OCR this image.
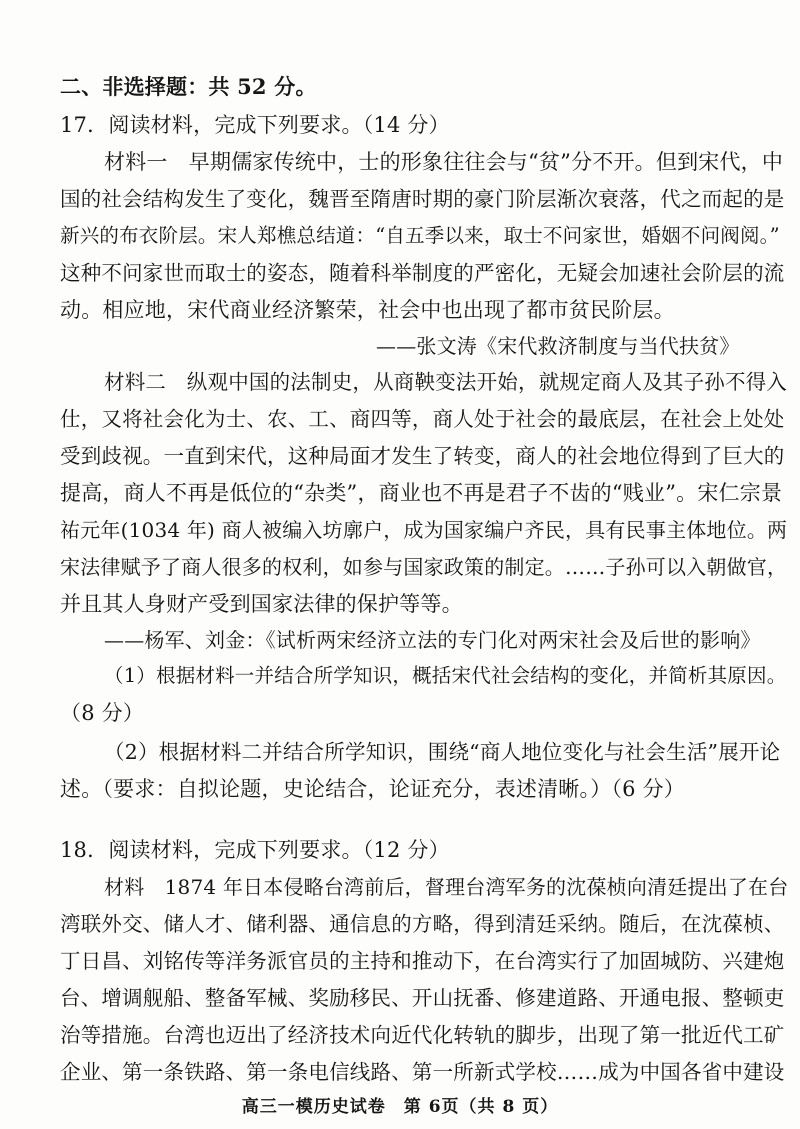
二、非选择题：共 52 分。
17．阅读材料，完成下列要求。（14 分）
材料一　早期儒家传统中，士的形象往往会与“贫”分不开。但到宋代，中
国的社会结构发生了变化，魏晋至隋唐时期的豪门阶层渐次衰落，代之而起的是
新兴的布衣阶层。宋人郑樵总结道：“自五季以来，取士不问家世，婚姻不问阀阅。”
这种不问家世而取士的姿态，随着科举制度的严密化，无疑会加速社会阶层的流
动。相应地，宋代商业经济繁荣，社会中也出现了都市贫民阶层。
——张文涛《宋代救济制度与当代扶贫》
材料二　纵观中国的法制史，从商鞅变法开始，就规定商人及其子孙不得入
仕，又将社会化为士、农、工、商四等，商人处于社会的最底层，在社会上处处
受到歧视。一直到宋代，这种局面才发生了转变，商人的社会地位得到了巨大的
提高，商人不再是低位的“杂类”，商业也不再是君子不齿的“贱业”。宋仁宗景
祐元年(1034 年) 商人被编入坊廓户，成为国家编户齐民，具有民事主体地位。两
宋法律赋予了商人很多的权利，如参与国家政策的制定。……子孙可以入朝做官，
并且其人身财产受到国家法律的保护等等。
——杨军、刘金：《试析两宋经济立法的专门化对两宋社会及后世的影响》
（1）根据材料一并结合所学知识，概括宋代社会结构的变化，并简析其原因。
（8 分）
（2）根据材料二并结合所学知识，围绕“商人地位变化与社会生活”展开论
述。（要求：自拟论题，史论结合，论证充分，表述清晰。）（6 分）
18．阅读材料，完成下列要求。（12 分）
材料　1874 年日本侵略台湾前后，督理台湾军务的沈葆桢向清廷提出了在台
湾联外交、储人才、储利器、通信息的方略，得到清廷采纳。随后，在沈葆桢、
丁日昌、刘铭传等洋务派官员的主持和推动下，在台湾实行了加固城防、兴建炮
台、增调舰船、整备军械、奖励移民、开山抚番、修建道路、开通电报、整顿吏
治等措施。台湾也迈出了经济技术向近代化转轨的脚步，出现了第一批近代工矿
企业、第一条铁路、第一条电信线路、第一所新式学校……成为中国各省中建设
高三一模历史试卷　第 6页（共 8 页）
